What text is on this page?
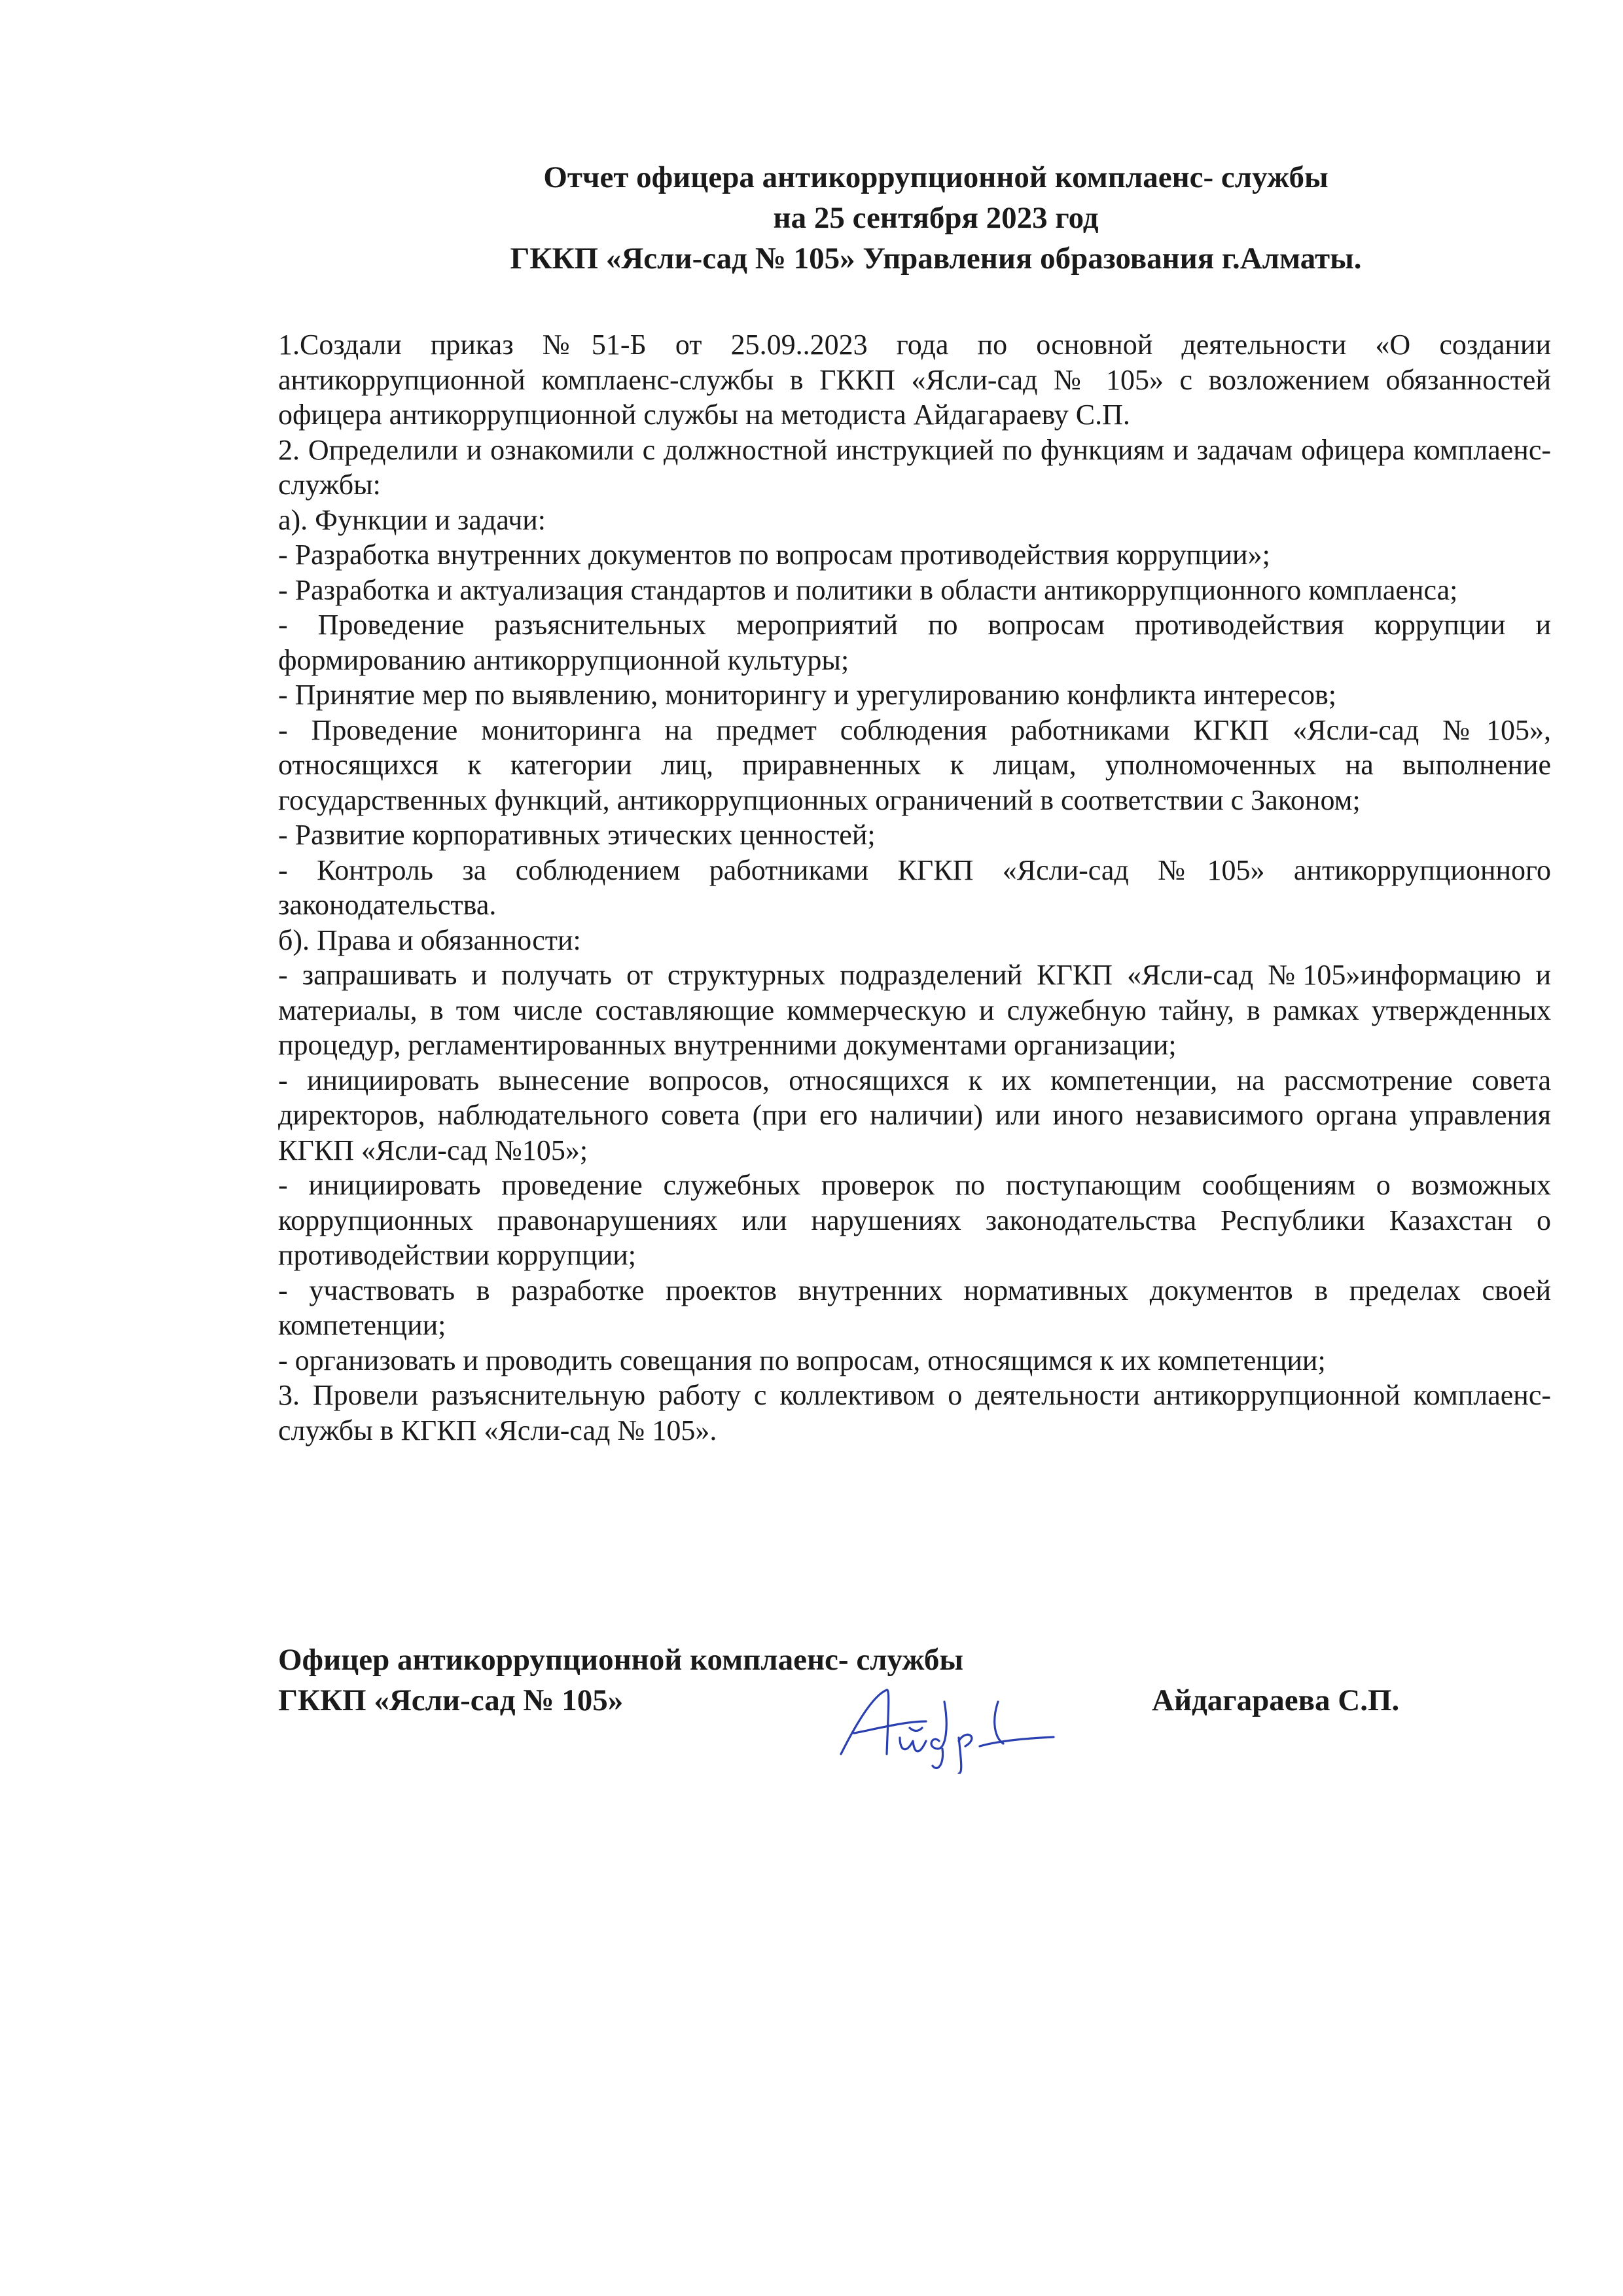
Отчет офицера антикоррупционной комплаенс- службы
на 25 сентября 2023 год
ГККП «Ясли-сад № 105» Управления образования г.Алматы.

1.Создали приказ №51-Б от 25.09..2023 года по основной деятельности «О создании антикоррупционной комплаенс-службы в ГККП «Ясли-сад № 105» с возложением обязанностей офицера антикоррупционной службы на методиста Айдагараеву С.П.

2. Определили и ознакомили с должностной инструкцией по функциям и задачам офицера комплаенс-службы:

а). Функции и задачи:

- Разработка внутренних документов по вопросам противодействия коррупции»;

- Разработка и актуализация стандартов и политики в области антикоррупционного комплаенса;

- Проведение разъяснительных мероприятий по вопросам противодействия коррупции и формированию антикоррупционной культуры;

- Принятие мер по выявлению, мониторингу и урегулированию конфликта интересов;

- Проведение мониторинга на предмет соблюдения работниками КГКП «Ясли-сад №105», относящихся к категории лиц, приравненных к лицам, уполномоченных на выполнение государственных функций, антикоррупционных ограничений в соответствии с Законом;

- Развитие корпоративных этических ценностей;

- Контроль за соблюдением работниками КГКП «Ясли-сад №105» антикоррупционного законодательства.

б). Права и обязанности:

- запрашивать и получать от структурных подразделений КГКП «Ясли-сад №105»информацию и материалы, в том числе составляющие коммерческую и служебную тайну, в рамках утвержденных процедур, регламентированных внутренними документами организации;

- инициировать вынесение вопросов, относящихся к их компетенции, на рассмотрение совета директоров, наблюдательного совета (при его наличии) или иного независимого органа управления КГКП «Ясли-сад №105»;

- инициировать проведение служебных проверок по поступающим сообщениям о возможных коррупционных правонарушениях или нарушениях законодательства Республики Казахстан о противодействии коррупции;

- участвовать в разработке проектов внутренних нормативных документов в пределах своей компетенции;

- организовать и проводить совещания по вопросам, относящимся к их компетенции;

3. Провели разъяснительную работу с коллективом о деятельности антикоррупционной комплаенс- службы в КГКП «Ясли-сад № 105».

Офицер антикоррупционной комплаенс- службы
ГККП «Ясли-сад № 105»	Айдагараева С.П.
